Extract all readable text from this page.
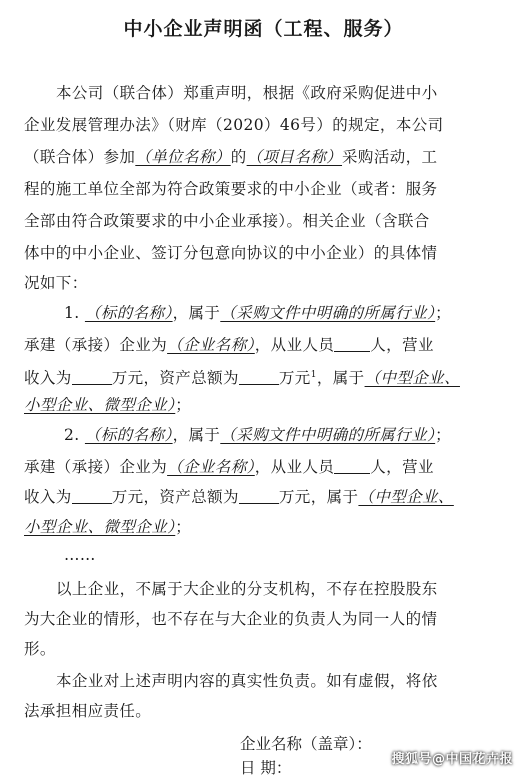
中小企业声明函（工程、服务）
本公司（联合体）郑重声明，根据《政府采购促进中小
企业发展管理办法》（财库（2020）46号）的规定，本公司
（联合体）参加（单位名称）的（项目名称）采购活动，工
程的施工单位全部为符合政策要求的中小企业（或者：服务
全部由符合政策要求的中小企业承接）。相关企业（含联合
体中的中小企业、签订分包意向协议的中小企业）的具体情
况如下：
1. （标的名称），属于（采购文件中明确的所属行业）；
承建（承接）企业为（企业名称），从业人员 人，营业
收入为	万元，资产总额为	万元$^1$，属于（中型企业、
小型企业、微型企业）；
2. （标的名称），属于（采购文件中明确的所属行业）；
承建（承接）企业为（企业名称），从业人员 人，营业
收入为	万元，资产总额为	万元，属于（中型企业、
小型企业、微型企业）；
……
以上企业，不属于大企业的分支机构，不存在控股股东
为大企业的情形，也不存在与大企业的负责人为同一人的情
形。
本企业对上述声明内容的真实性负责。如有虚假，将依
法承担相应责任。
企业名称（盖章）：
日 期：	搜狐号@中国花卉报
